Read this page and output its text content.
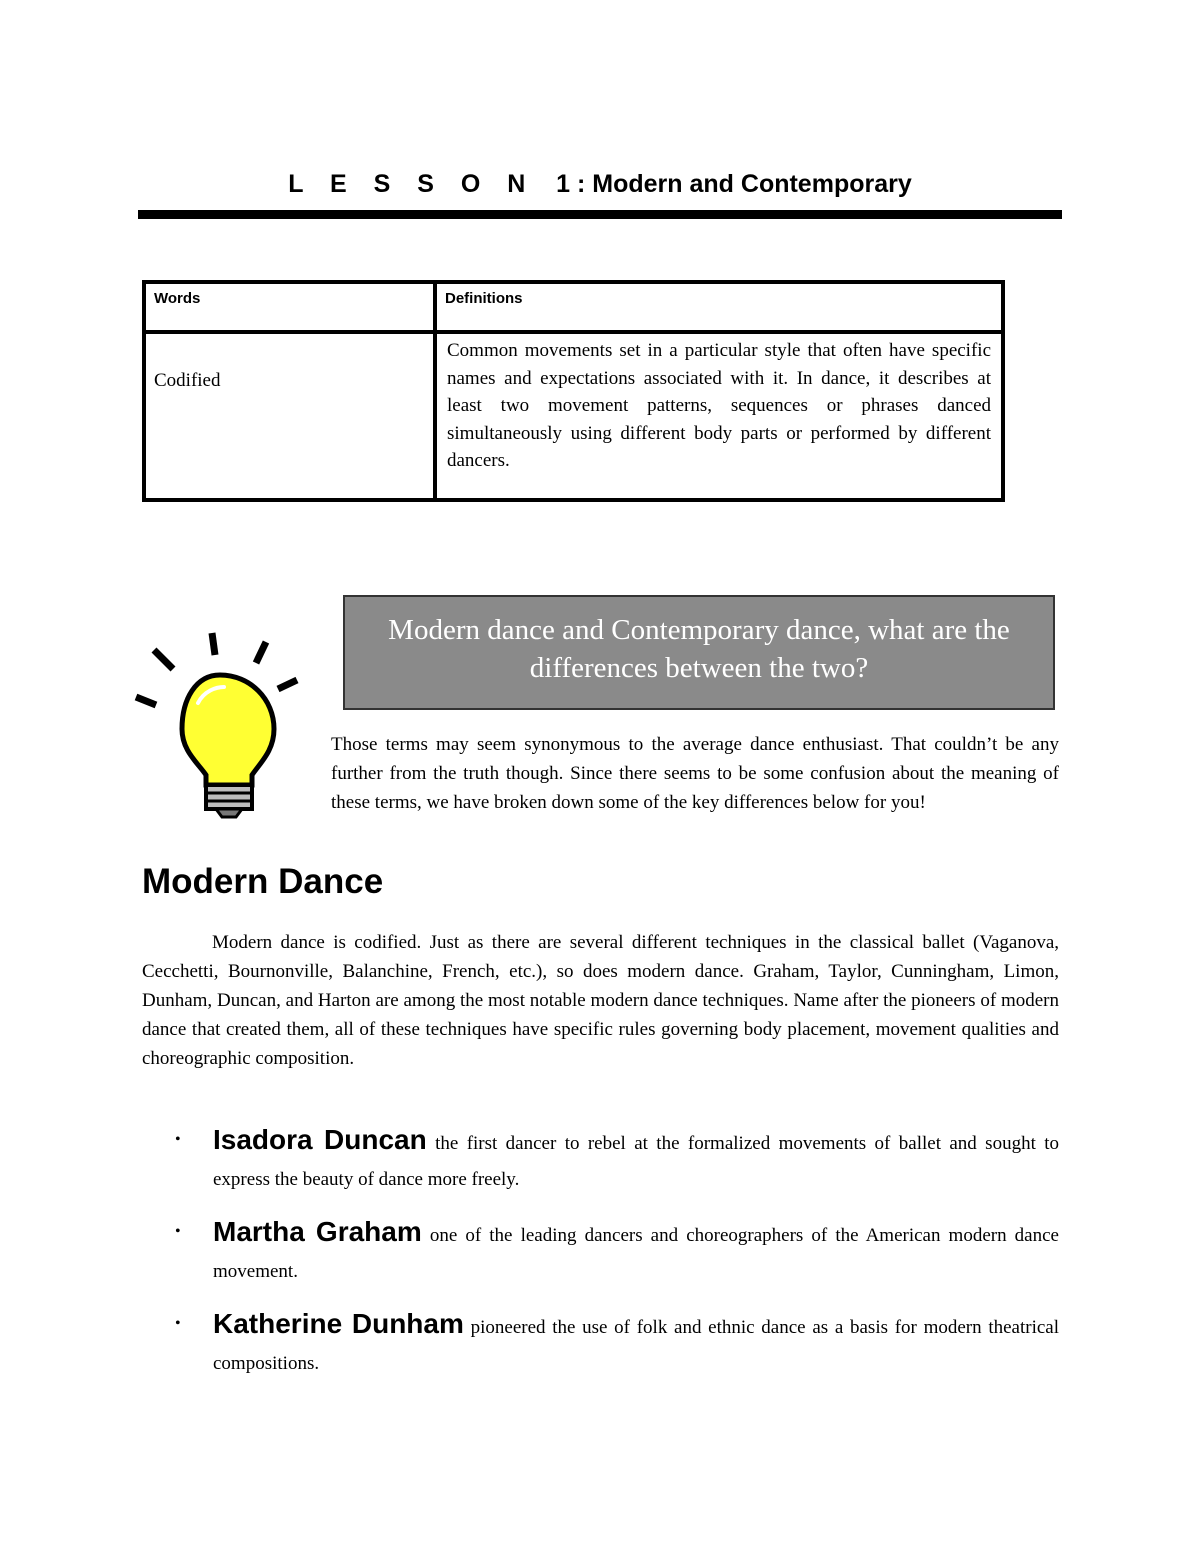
L E S S O N 1 : Modern and Contemporary
Words	Definitions
Codified	Common movements set in a particular style that often have specific names and expectations associated with it. In dance, it describes at least two movement patterns, sequences or phrases danced simultaneously using different body parts or performed by different dancers.
Modern dance and Contemporary dance, what are the
differences between the two?
Those terms may seem synonymous to the average dance enthusiast. That couldn’t be any further from the truth though. Since there seems to be some confusion about the meaning of these terms, we have broken down some of the key differences below for you!
Modern Dance
Modern dance is codified. Just as there are several different techniques in the classical ballet (Vaganova, Cecchetti, Bournonville, Balanchine, French, etc.), so does modern dance. Graham, Taylor, Cunningham, Limon, Dunham, Duncan, and Harton are among the most notable modern dance techniques. Name after the pioneers of modern dance that created them, all of these techniques have specific rules governing body placement, movement qualities and choreographic composition.
• Isadora Duncan the first dancer to rebel at the formalized movements of ballet and sought to express the beauty of dance more freely.
• Martha Graham one of the leading dancers and choreographers of the American modern dance movement.
• Katherine Dunham pioneered the use of folk and ethnic dance as a basis for modern theatrical compositions.
